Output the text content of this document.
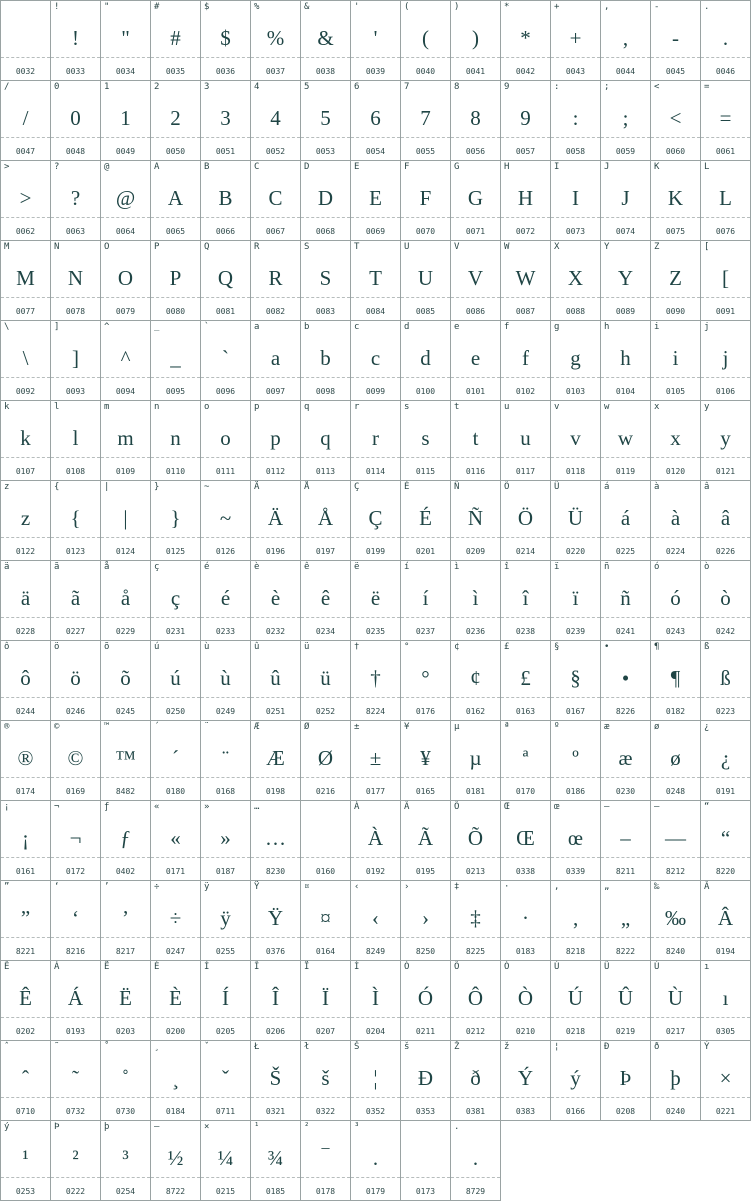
0032
!
!
0033
"
"
0034
#
#
0035
$
$
0036
%
%
0037
&
&
0038
'
'
0039
(
(
0040
)
)
0041
*
*
0042
+
+
0043
,
,
0044
-
-
0045
.
.
0046
/
/
0047
0
0
0048
1
1
0049
2
2
0050
3
3
0051
4
4
0052
5
5
0053
6
6
0054
7
7
0055
8
8
0056
9
9
0057
:
:
0058
;
;
0059
<
<
0060
=
=
0061
>
>
0062
?
?
0063
@
@
0064
A
A
0065
B
B
0066
C
C
0067
D
D
0068
E
E
0069
F
F
0070
G
G
0071
H
H
0072
I
I
0073
J
J
0074
K
K
0075
L
L
0076
M
M
0077
N
N
0078
O
O
0079
P
P
0080
Q
Q
0081
R
R
0082
S
S
0083
T
T
0084
U
U
0085
V
V
0086
W
W
0087
X
X
0088
Y
Y
0089
Z
Z
0090
[
[
0091
\
\
0092
]
]
0093
^
^
0094
_
_
0095
`
`
0096
a
a
0097
b
b
0098
c
c
0099
d
d
0100
e
e
0101
f
f
0102
g
g
0103
h
h
0104
i
i
0105
j
j
0106
k
k
0107
l
l
0108
m
m
0109
n
n
0110
o
o
0111
p
p
0112
q
q
0113
r
r
0114
s
s
0115
t
t
0116
u
u
0117
v
v
0118
w
w
0119
x
x
0120
y
y
0121
z
z
0122
{
{
0123
|
|
0124
}
}
0125
~
~
0126
Ä
Ä
0196
Å
Å
0197
Ç
Ç
0199
É
É
0201
Ñ
Ñ
0209
Ö
Ö
0214
Ü
Ü
0220
á
á
0225
à
à
0224
â
â
0226
ä
ä
0228
ã
ã
0227
å
å
0229
ç
ç
0231
é
é
0233
è
è
0232
ê
ê
0234
ë
ë
0235
í
í
0237
ì
ì
0236
î
î
0238
ï
ï
0239
ñ
ñ
0241
ó
ó
0243
ò
ò
0242
ô
ô
0244
ö
ö
0246
õ
õ
0245
ú
ú
0250
ù
ù
0249
û
û
0251
ü
ü
0252
†
†
8224
°
°
0176
¢
¢
0162
£
£
0163
§
§
0167
•
•
8226
¶
¶
0182
ß
ß
0223
®
®
0174
©
©
0169
™
™
8482
´
´
0180
¨
¨
0168
Æ
Æ
0198
Ø
Ø
0216
±
±
0177
¥
¥
0165
µ
µ
0181
ª
ª
0170
º
º
0186
æ
æ
0230
ø
ø
0248
¿
¿
0191
¡
¡
0161
¬
¬
0172
ƒ
ƒ
0402
«
«
0171
»
»
0187
…
…
8230	0160
À
À
0192
Ã
Ã
0195
Õ
Õ
0213
Œ
Œ
0338
œ
œ
0339
–
–
8211
—
—
8212
“
“
8220
”
”
8221
‘
‘
8216
’
’
8217
÷
÷
0247
ÿ
ÿ
0255
Ÿ
Ÿ
0376
¤
¤
0164
‹
‹
8249
›
›
8250
‡
‡
8225
·
·
0183
‚
‚
8218
„
„
8222
‰
‰
8240
Â
Â
0194
Ê
Ê
0202
Á
Á
0193
Ë
Ë
0203
È
È
0200
Í
Í
0205
Î
Î
0206
Ï
Ï
0207
Ì
Ì
0204
Ó
Ó
0211
Ô
Ô
0212
Ò
Ò
0210
Ú
Ú
0218
Û
Û
0219
Ù
Ù
0217
ı
ı
0305
ˆ
ˆ
0710
˜
˜
0732
˚
˚
0730
¸
¸
0184
ˇ
ˇ
0711
Ł
Š
0321
ł
š
0322
Š
¦
0352
š
Đ
0353
Ž
ð
0381
ž
Ý
0383
¦
ý
0166
Đ
Þ
0208
ð
þ
0240
Ý
×
0221
ý
¹
0253
Þ
²
0222
þ
³
0254
–
½
8722
×
¼
0215
¹
¾
0185
²
‾
0178
³
.
0179	0173
.
.
8729
